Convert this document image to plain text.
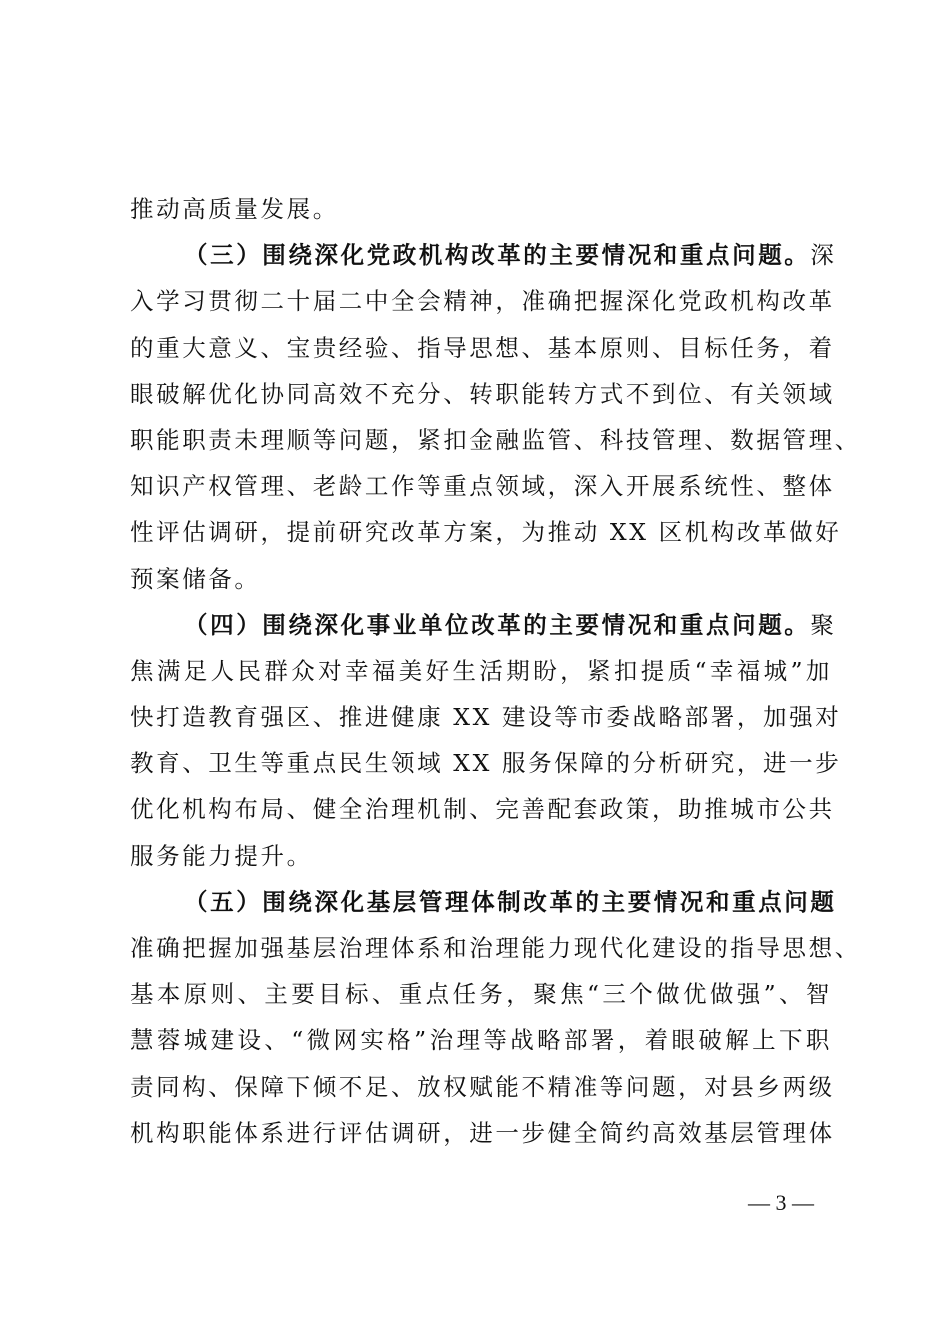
推动高质量发展。
（三）围绕深化党政机构改革的主要情况和重点问题。深
入学习贯彻二十届二中全会精神，准确把握深化党政机构改革
的重大意义、宝贵经验、指导思想、基本原则、目标任务，着
眼破解优化协同高效不充分、转职能转方式不到位、有关领域
职能职责未理顺等问题，紧扣金融监管、科技管理、数据管理、
知识产权管理、老龄工作等重点领域，深入开展系统性、整体
性评估调研，提前研究改革方案，为推动 XX 区机构改革做好
预案储备。
（四）围绕深化事业单位改革的主要情况和重点问题。聚
焦满足人民群众对幸福美好生活期盼，紧扣提质“幸福城”加
快打造教育强区、推进健康 XX 建设等市委战略部署，加强对
教育、卫生等重点民生领域 XX 服务保障的分析研究，进一步
优化机构布局、健全治理机制、完善配套政策，助推城市公共
服务能力提升。
（五）围绕深化基层管理体制改革的主要情况和重点问题
准确把握加强基层治理体系和治理能力现代化建设的指导思想、
基本原则、主要目标、重点任务，聚焦“三个做优做强”、智
慧蓉城建设、“微网实格”治理等战略部署，着眼破解上下职
责同构、保障下倾不足、放权赋能不精准等问题，对县乡两级
机构职能体系进行评估调研，进一步健全简约高效基层管理体
— 3 —
